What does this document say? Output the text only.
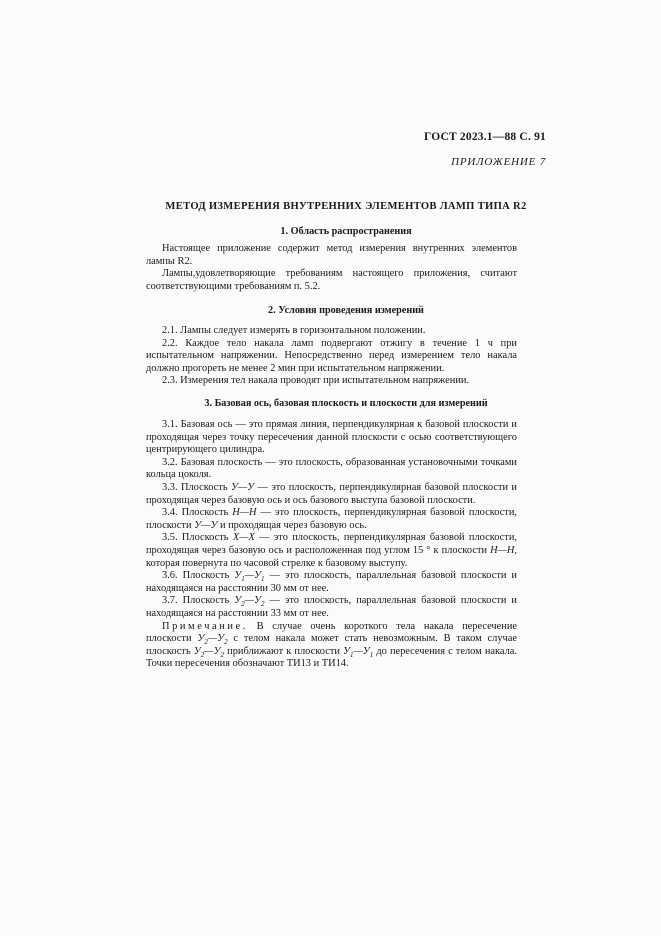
ГОСТ 2023.1—88 С. 91
ПРИЛОЖЕНИЕ 7
МЕТОД ИЗМЕРЕНИЯ ВНУТРЕННИХ ЭЛЕМЕНТОВ ЛАМП ТИПА R2
1. Область распространения

Настоящее приложение содержит метод измерения внутренних элементов лампы R2.

Лампы,удовлетворяющие требованиям настоящего приложения, считают соответствующими требованиям п. 5.2.

2. Условия проведения измерений

2.1. Лампы следует измерять в горизонтальном положении.

2.2. Каждое тело накала ламп подвергают отжигу в течение 1 ч при испытательном напряжении. Непосредственно перед измерением тело накала должно прогореть не менее 2 мин при испытательном напряжении.

2.3. Измерения тел накала проводят при испытательном напряжении.

3. Базовая ось, базовая плоскость и плоскости для измерений

3.1. Базовая ось — это прямая линия, перпендикулярная к базовой плоскости и проходящая через точку пересечения данной плоскости с осью соответствующего центрирующего цилиндра.

3.2. Базовая плоскость — это плоскость, образованная установочными точками кольца цоколя.

3.3. Плоскость У—У — это плоскость, перпендикулярная базовой плоскости и проходящая через базовую ось и ось базового выступа базовой плоскости.

3.4. Плоскость Н—Н — это плоскость, перпендикулярная базовой плоскости, плоскости У—У и проходящая через базовую ось.

3.5. Плоскость Х—Х — это плоскость, перпендикулярная базовой плоскости, проходящая через базовую ось и расположенная под углом 15 ° к плоскости Н—Н, которая повернута по часовой стрелке к базовому выступу.

3.6. Плоскость $У_1—У_1$ — это плоскость, параллельная базовой плоскости и находящаяся на расстоянии 30 мм от нее.

3.7. Плоскость $У_2—У_2$ — это плоскость, параллельная базовой плоскости и находящаяся на расстоянии 33 мм от нее.

Примечание. В случае очень короткого тела накала пересечение плоскости $У_2—У_2$ с телом накала может стать невозможным. В таком случае плоскость $У_2—У_2$ приближают к плоскости $У_1—У_1$ до пересечения с телом накала. Точки пересечения обозначают ТИ13 и ТИ14.
